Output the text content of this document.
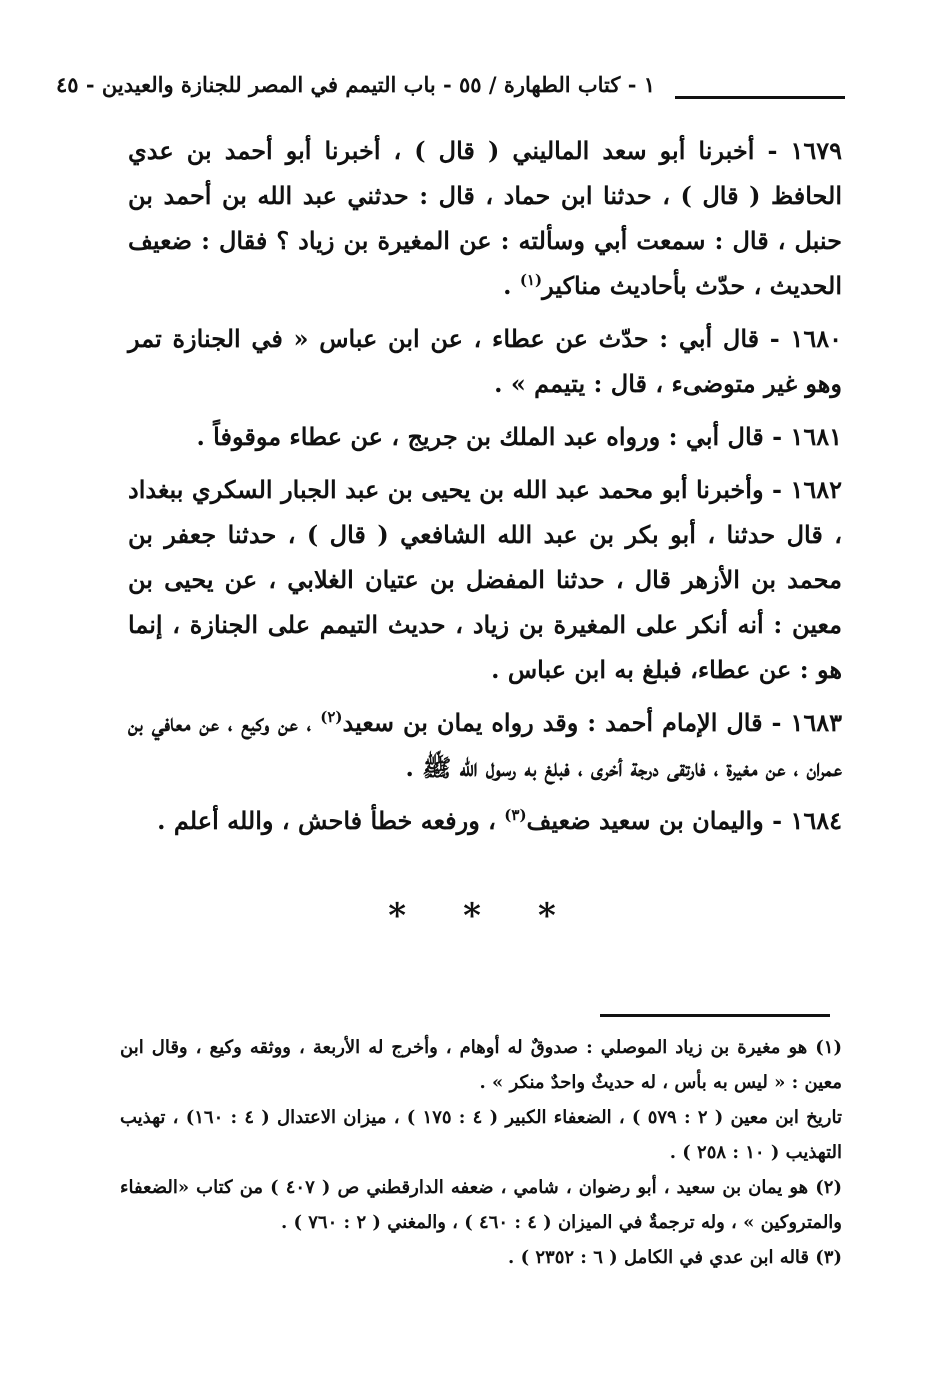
١ - كتاب الطهارة / ٥٥ - باب التيمم في المصر للجنازة والعيدين - ٤٥

١٦٧٩ - أخبرنا أبو سعد الماليني ( قال ) ، أخبرنا أبو أحمد بن عدي الحافظ ( قال ) ، حدثنا ابن حماد ، قال : حدثني عبد الله بن أحمد بن حنبل ، قال : سمعت أبي وسألته : عن المغيرة بن زياد ؟ فقال : ضعيف الحديث ، حدّث بأحاديث مناكير$^{(١)}$ .

١٦٨٠ - قال أبي : حدّث عن عطاء ، عن ابن عباس « في الجنازة تمر وهو غير متوضىء ، قال : يتيمم » .

١٦٨١ - قال أبي : ورواه عبد الملك بن جريج ، عن عطاء موقوفاً .

١٦٨٢ - وأخبرنا أبو محمد عبد الله بن يحيى بن عبد الجبار السكري ببغداد ، قال حدثنا ، أبو بكر بن عبد الله الشافعي ( قال ) ، حدثنا جعفر بن محمد بن الأزهر قال ، حدثنا المفضل بن عتيان الغلابي ، عن يحيى بن معين : أنه أنكر على المغيرة بن زياد ، حديث التيمم على الجنازة ، إنما هو : عن عطاء، فبلغ به ابن عباس .

١٦٨٣ - قال الإمام أحمد : وقد رواه يمان بن سعيد$^{(٢)}$ ، عن وكيع ، عن معافي بن عمران ، عن مغيرة ، فارتقى درجة أخرى ، فبلغ به رسول الله ﷺ .

١٦٨٤ - واليمان بن سعيد ضعيف$^{(٣)}$ ، ورفعه خطأ فاحش ، والله أعلم .

* * *

(١) هو مغيرة بن زياد الموصلي : صدوقٌ له أوهام ، وأخرج له الأربعة ، ووثقه وكيع ، وقال ابن معين : « ليس به بأس ، له حديثٌ واحدٌ منكر » .

تاريخ ابن معين ( ٢ : ٥٧٩ ) ، الضعفاء الكبير ( ٤ : ١٧٥ ) ، ميزان الاعتدال ( ٤ : ١٦٠) ، تهذيب التهذيب ( ١٠ : ٢٥٨ ) .

(٢) هو يمان بن سعيد ، أبو رضوان ، شامي ، ضعفه الدارقطني ص ( ٤٠٧ ) من كتاب «الضعفاء والمتروكين » ، وله ترجمةٌ في الميزان ( ٤ : ٤٦٠ ) ، والمغني ( ٢ : ٧٦٠ ) .

(٣) قاله ابن عدي في الكامل ( ٦ : ٢٣٥٢ ) .
